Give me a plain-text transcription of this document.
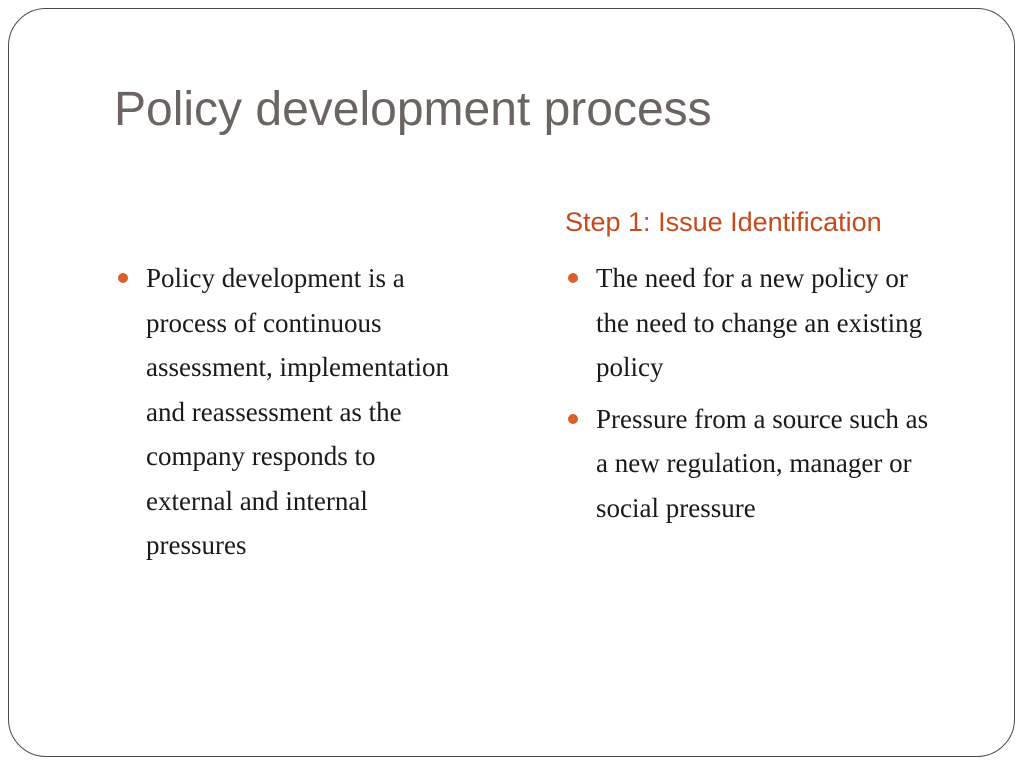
Policy development process
Policy development is a process of continuous assessment, implementation and reassessment as the company responds to external and internal pressures
Step 1: Issue Identification
The need for a new policy or the need to change an existing policy
Pressure from a source such as a new regulation, manager or social pressure
